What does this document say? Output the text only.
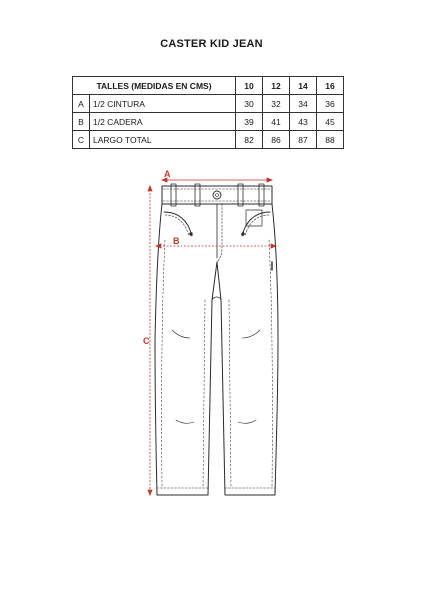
CASTER KID JEAN
TALLES (MEDIDAS EN CMS)		10	12	14	16
A	1/2 CINTURA	30	32	34	36
B	1/2 CADERA	39	41	43	45
C	LARGO TOTAL	82	86	87	88
A
B
C
